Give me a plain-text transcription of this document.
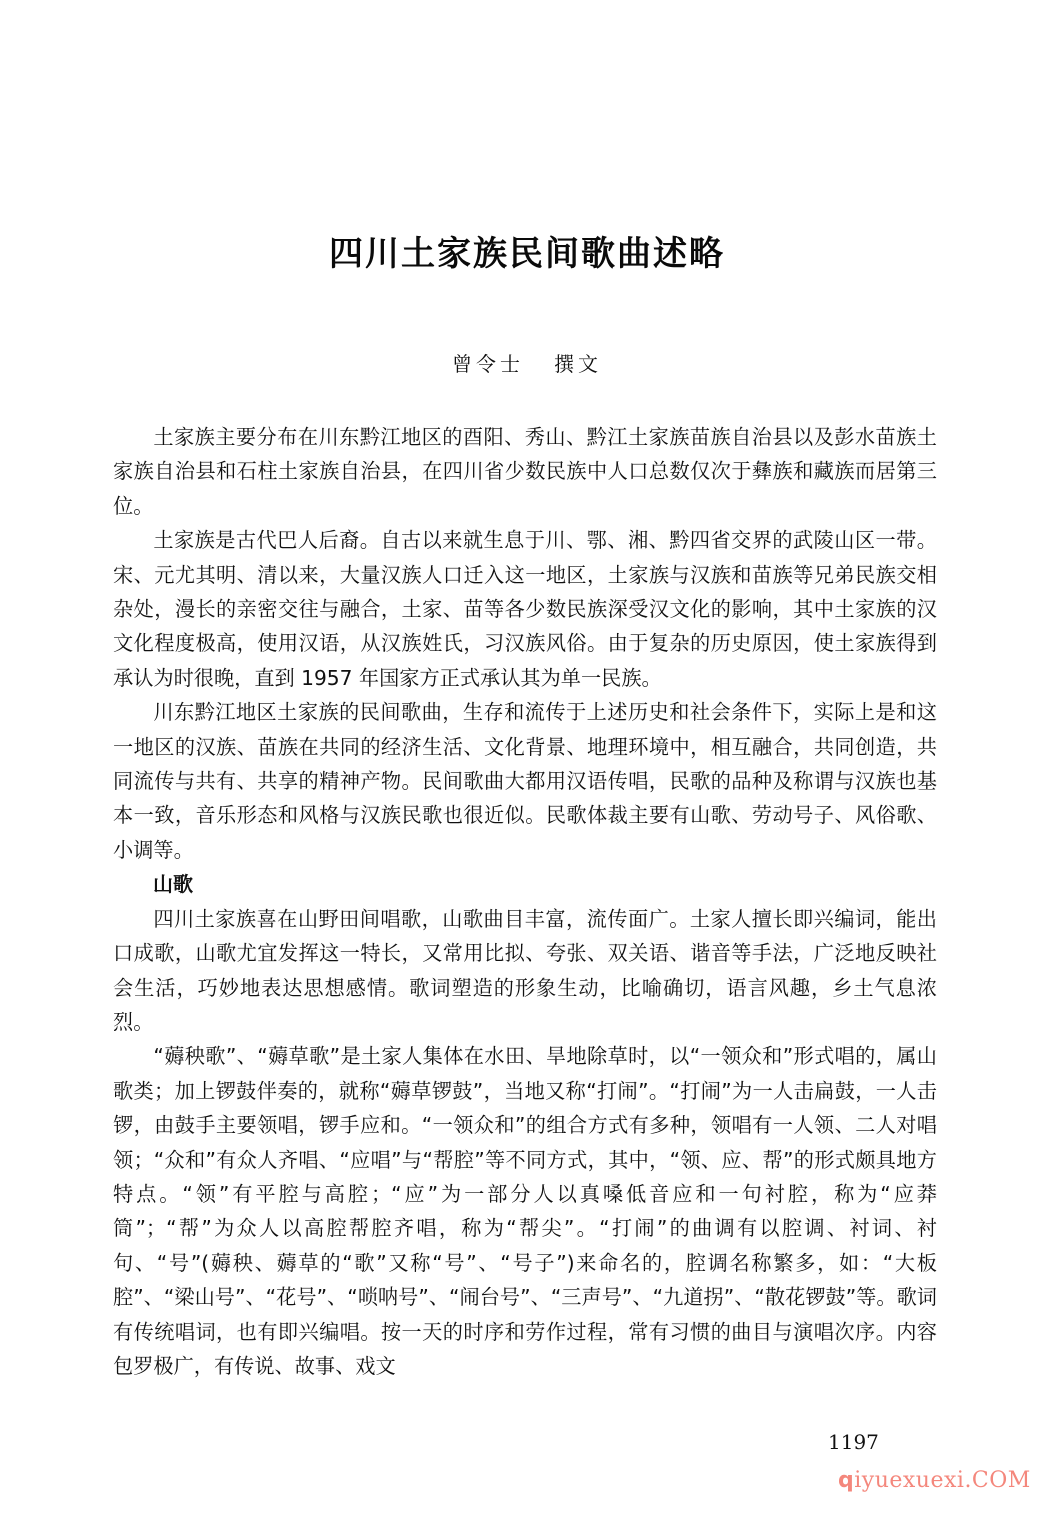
四川土家族民间歌曲述略
曾令士 撰文

土家族主要分布在川东黔江地区的酉阳、秀山、黔江土家族苗族自治县以及彭水苗族土家族自治县和石柱土家族自治县，在四川省少数民族中人口总数仅次于彝族和藏族而居第三位。

土家族是古代巴人后裔。自古以来就生息于川、鄂、湘、黔四省交界的武陵山区一带。宋、元尤其明、清以来，大量汉族人口迁入这一地区，土家族与汉族和苗族等兄弟民族交相杂处，漫长的亲密交往与融合，土家、苗等各少数民族深受汉文化的影响，其中土家族的汉文化程度极高，使用汉语，从汉族姓氏，习汉族风俗。由于复杂的历史原因，使土家族得到承认为时很晚，直到 1957 年国家方正式承认其为单一民族。

川东黔江地区土家族的民间歌曲，生存和流传于上述历史和社会条件下，实际上是和这一地区的汉族、苗族在共同的经济生活、文化背景、地理环境中，相互融合，共同创造，共同流传与共有、共享的精神产物。民间歌曲大都用汉语传唱，民歌的品种及称谓与汉族也基本一致，音乐形态和风格与汉族民歌也很近似。民歌体裁主要有山歌、劳动号子、风俗歌、小调等。

山歌

四川土家族喜在山野田间唱歌，山歌曲目丰富，流传面广。土家人擅长即兴编词，能出口成歌，山歌尤宜发挥这一特长，又常用比拟、夸张、双关语、谐音等手法，广泛地反映社会生活，巧妙地表达思想感情。歌词塑造的形象生动，比喻确切，语言风趣，乡土气息浓烈。

“薅秧歌”、“薅草歌”是土家人集体在水田、旱地除草时，以“一领众和”形式唱的，属山歌类；加上锣鼓伴奏的，就称“薅草锣鼓”，当地又称“打闹”。“打闹”为一人击扁鼓，一人击锣，由鼓手主要领唱，锣手应和。“一领众和”的组合方式有多种，领唱有一人领、二人对唱领；“众和”有众人齐唱、“应唱”与“帮腔”等不同方式，其中，“领、应、帮”的形式颇具地方特点。“领”有平腔与高腔；“应”为一部分人以真嗓低音应和一句衬腔，称为“应莽筒”；“帮”为众人以高腔帮腔齐唱，称为“帮尖”。“打闹”的曲调有以腔调、衬词、衬句、“号”(薅秧、薅草的“歌”又称“号”、“号子”)来命名的，腔调名称繁多，如：“大板腔”、“梁山号”、“花号”、“唢呐号”、“闹台号”、“三声号”、“九道拐”、“散花锣鼓”等。歌词有传统唱词，也有即兴编唱。按一天的时序和劳作过程，常有习惯的曲目与演唱次序。内容包罗极广，有传说、故事、戏文

1197
qiyuexuexi.COM
